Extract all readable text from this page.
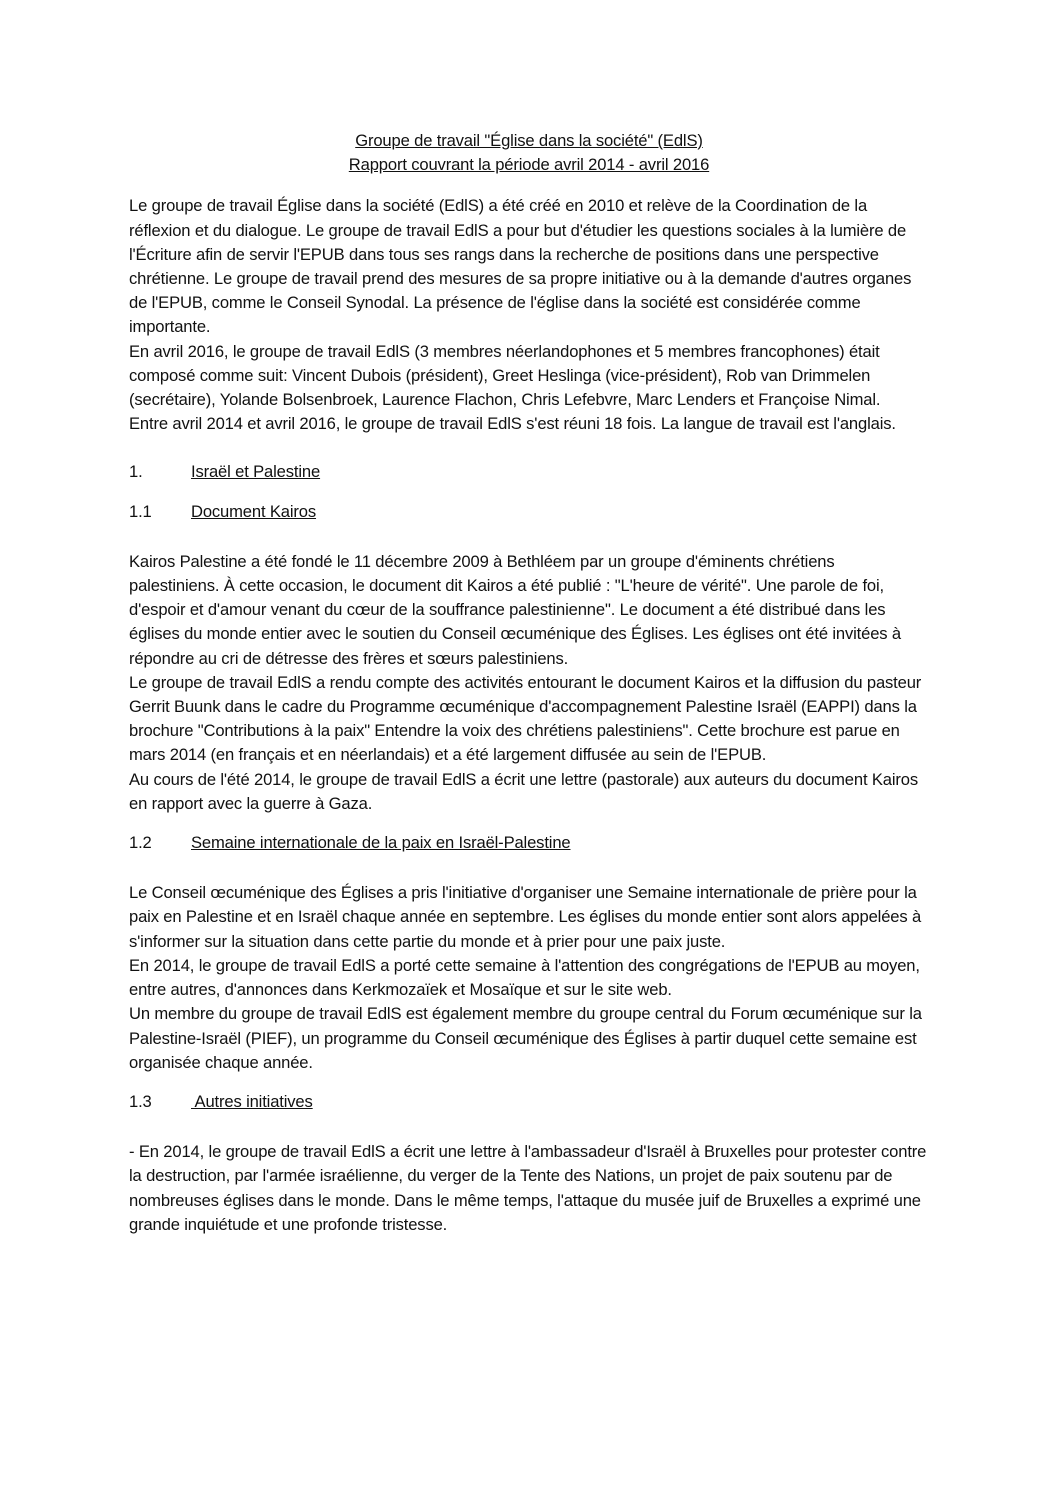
Groupe de travail "Église dans la société" (EdlS)
Rapport couvrant la période avril 2014 - avril 2016

Le groupe de travail Église dans la société (EdlS) a été créé en 2010 et relève de la Coordination de la réflexion et du dialogue. Le groupe de travail EdlS a pour but d'étudier les questions sociales à la lumière de l'Écriture afin de servir l'EPUB dans tous ses rangs dans la recherche de positions dans une perspective chrétienne. Le groupe de travail prend des mesures de sa propre initiative ou à la demande d'autres organes de l'EPUB, comme le Conseil Synodal. La présence de l'église dans la société est considérée comme importante.

En avril 2016, le groupe de travail EdlS (3 membres néerlandophones et 5 membres francophones) était composé comme suit: Vincent Dubois (président), Greet Heslinga (vice-président), Rob van Drimmelen (secrétaire), Yolande Bolsenbroek, Laurence Flachon, Chris Lefebvre, Marc Lenders et Françoise Nimal.

Entre avril 2014 et avril 2016, le groupe de travail EdlS s'est réuni 18 fois. La langue de travail est l'anglais.

1.	Israël et Palestine
1.1	Document Kairos

Kairos Palestine a été fondé le 11 décembre 2009 à Bethléem par un groupe d'éminents chrétiens palestiniens. À cette occasion, le document dit Kairos a été publié : "L'heure de vérité". Une parole de foi, d'espoir et d'amour venant du cœur de la souffrance palestinienne". Le document a été distribué dans les églises du monde entier avec le soutien du Conseil œcuménique des Églises. Les églises ont été invitées à répondre au cri de détresse des frères et sœurs palestiniens.

Le groupe de travail EdlS a rendu compte des activités entourant le document Kairos et la diffusion du pasteur Gerrit Buunk dans le cadre du Programme œcuménique d'accompagnement Palestine Israël (EAPPI) dans la brochure "Contributions à la paix" Entendre la voix des chrétiens palestiniens". Cette brochure est parue en mars 2014 (en français et en néerlandais) et a été largement diffusée au sein de l'EPUB.

Au cours de l'été 2014, le groupe de travail EdlS a écrit une lettre (pastorale) aux auteurs du document Kairos en rapport avec la guerre à Gaza.

1.2	Semaine internationale de la paix en Israël-Palestine

Le Conseil œcuménique des Églises a pris l'initiative d'organiser une Semaine internationale de prière pour la paix en Palestine et en Israël chaque année en septembre. Les églises du monde entier sont alors appelées à s'informer sur la situation dans cette partie du monde et à prier pour une paix juste.

En 2014, le groupe de travail EdlS a porté cette semaine à l'attention des congrégations de l'EPUB au moyen, entre autres, d'annonces dans Kerkmozaïek et Mosaïque et sur le site web.

Un membre du groupe de travail EdlS est également membre du groupe central du Forum œcuménique sur la Palestine-Israël (PIEF), un programme du Conseil œcuménique des Églises à partir duquel cette semaine est organisée chaque année.

1.3	Autres initiatives

- En 2014, le groupe de travail EdlS a écrit une lettre à l'ambassadeur d'Israël à Bruxelles pour protester contre la destruction, par l'armée israélienne, du verger de la Tente des Nations, un projet de paix soutenu par de nombreuses églises dans le monde. Dans le même temps, l'attaque du musée juif de Bruxelles a exprimé une grande inquiétude et une profonde tristesse.
